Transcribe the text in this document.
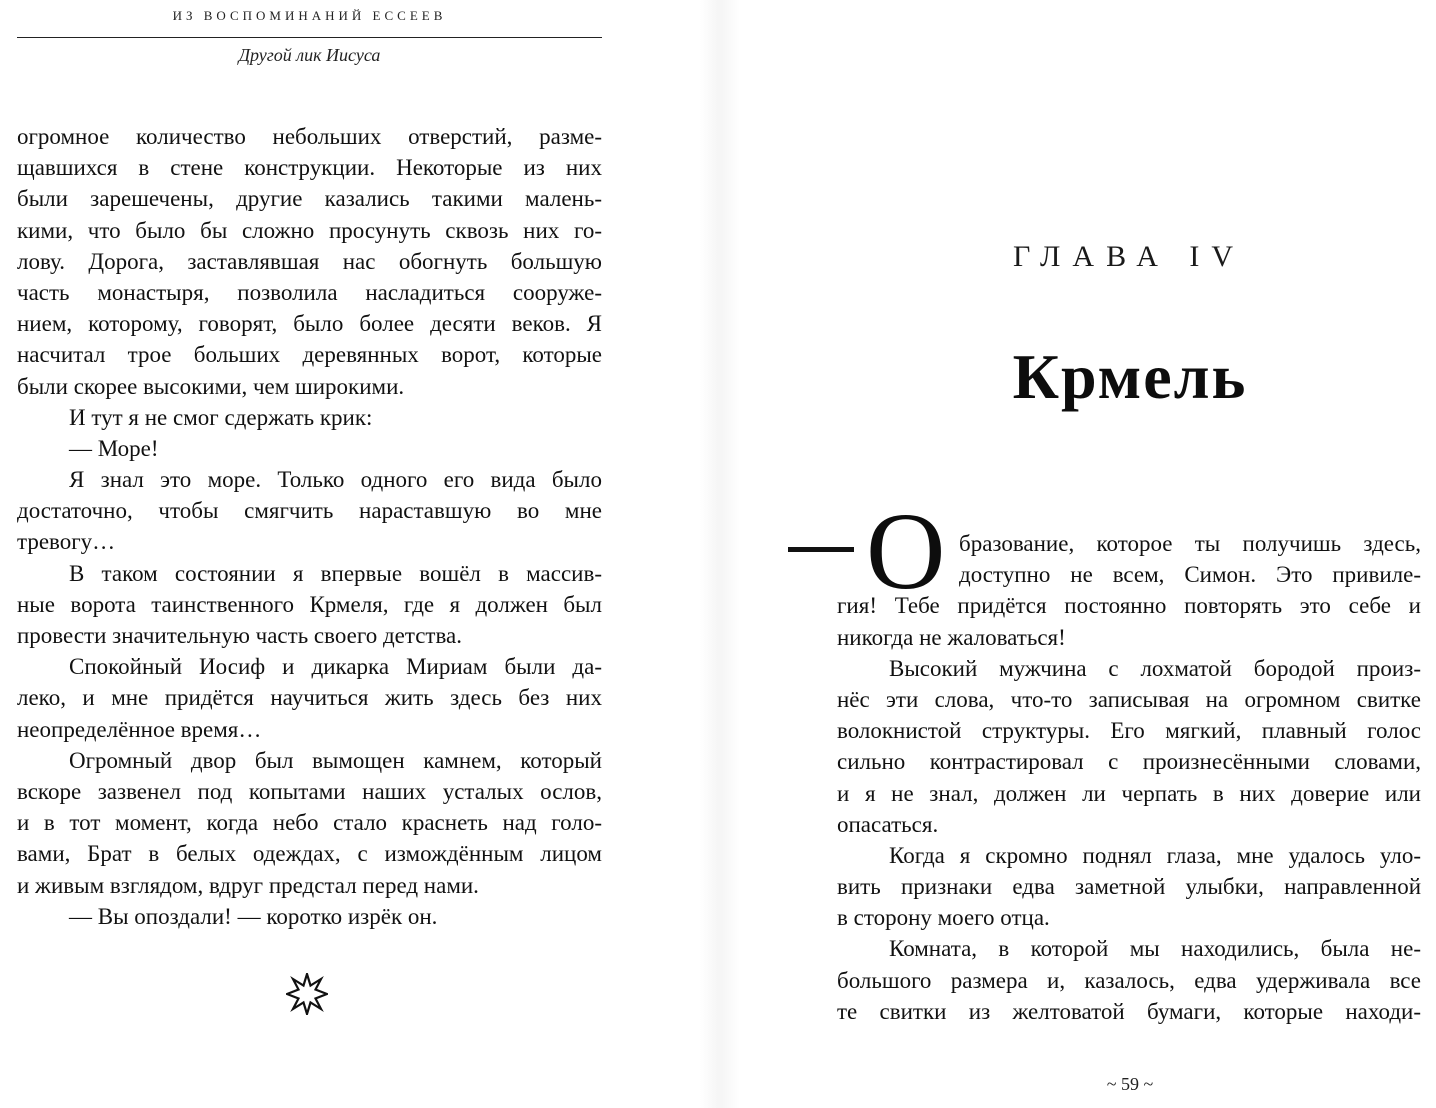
ИЗ ВОСПОМИНАНИЙ ЕССЕЕВ
Другой лик Иисуса
огромное количество небольших отверстий, разме-
щавшихся в стене конструкции. Некоторые из них
были зарешечены, другие казались такими малень-
кими, что было бы сложно просунуть сквозь них го-
лову. Дорога, заставлявшая нас обогнуть большую
часть монастыря, позволила насладиться сооруже-
нием, которому, говорят, было более десяти веков. Я
насчитал трое больших деревянных ворот, которые
были скорее высокими, чем широкими.
И тут я не смог сдержать крик:
— Море!
Я знал это море. Только одного его вида было
достаточно, чтобы смягчить нараставшую во мне
тревогу…
В таком состоянии я впервые вошёл в массив-
ные ворота таинственного Крмеля, где я должен был
провести значительную часть своего детства.
Спокойный Иосиф и дикарка Мириам были да-
леко, и мне придётся научиться жить здесь без них
неопределённое время…
Огромный двор был вымощен камнем, который
вскоре зазвенел под копытами наших усталых ослов,
и в тот момент, когда небо стало краснеть над голо-
вами, Брат в белых одеждах, с измождённым лицом
и живым взглядом, вдруг предстал перед нами.
— Вы опоздали! — коротко изрёк он.
ГЛАВА IV
Крмель
О бразование, которое ты получишь здесь,
доступно не всем, Симон. Это привиле-
гия! Тебе придётся постоянно повторять это себе и
никогда не жаловаться!
Высокий мужчина с лохматой бородой произ-
нёс эти слова, что-то записывая на огромном свитке
волокнистой структуры. Его мягкий, плавный голос
сильно контрастировал с произнесёнными словами,
и я не знал, должен ли черпать в них доверие или
опасаться.
Когда я скромно поднял глаза, мне удалось уло-
вить признаки едва заметной улыбки, направленной
в сторону моего отца.
Комната, в которой мы находились, была не-
большого размера и, казалось, едва удерживала все
те свитки из желтоватой бумаги, которые находи-
~ 59 ~
